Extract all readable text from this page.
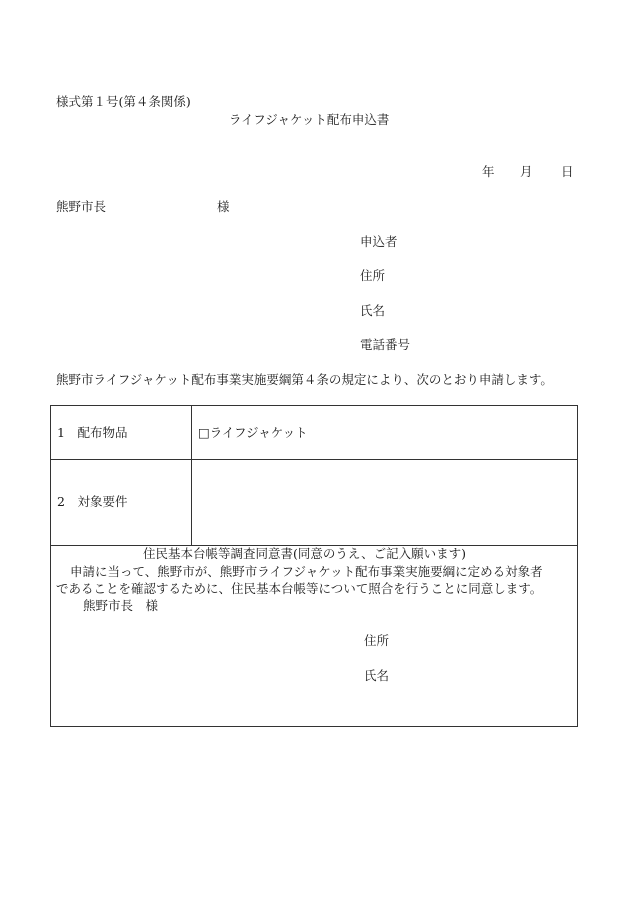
様式第１号(第４条関係)
ライフジャケット配布申込書
年 月 日
熊野市長	様
申込者
住所
氏名
電話番号
熊野市ライフジャケット配布事業実施要綱第４条の規定により、次のとおり申請します。
1　配布物品	□ライフジャケット
2　対象要件
住民基本台帳等調査同意書(同意のうえ、ご記入願います)
申請に当って、熊野市が、熊野市ライフジャケット配布事業実施要綱に定める対象者
であることを確認するために、住民基本台帳等について照合を行うことに同意します。
熊野市長　様
住所
氏名
